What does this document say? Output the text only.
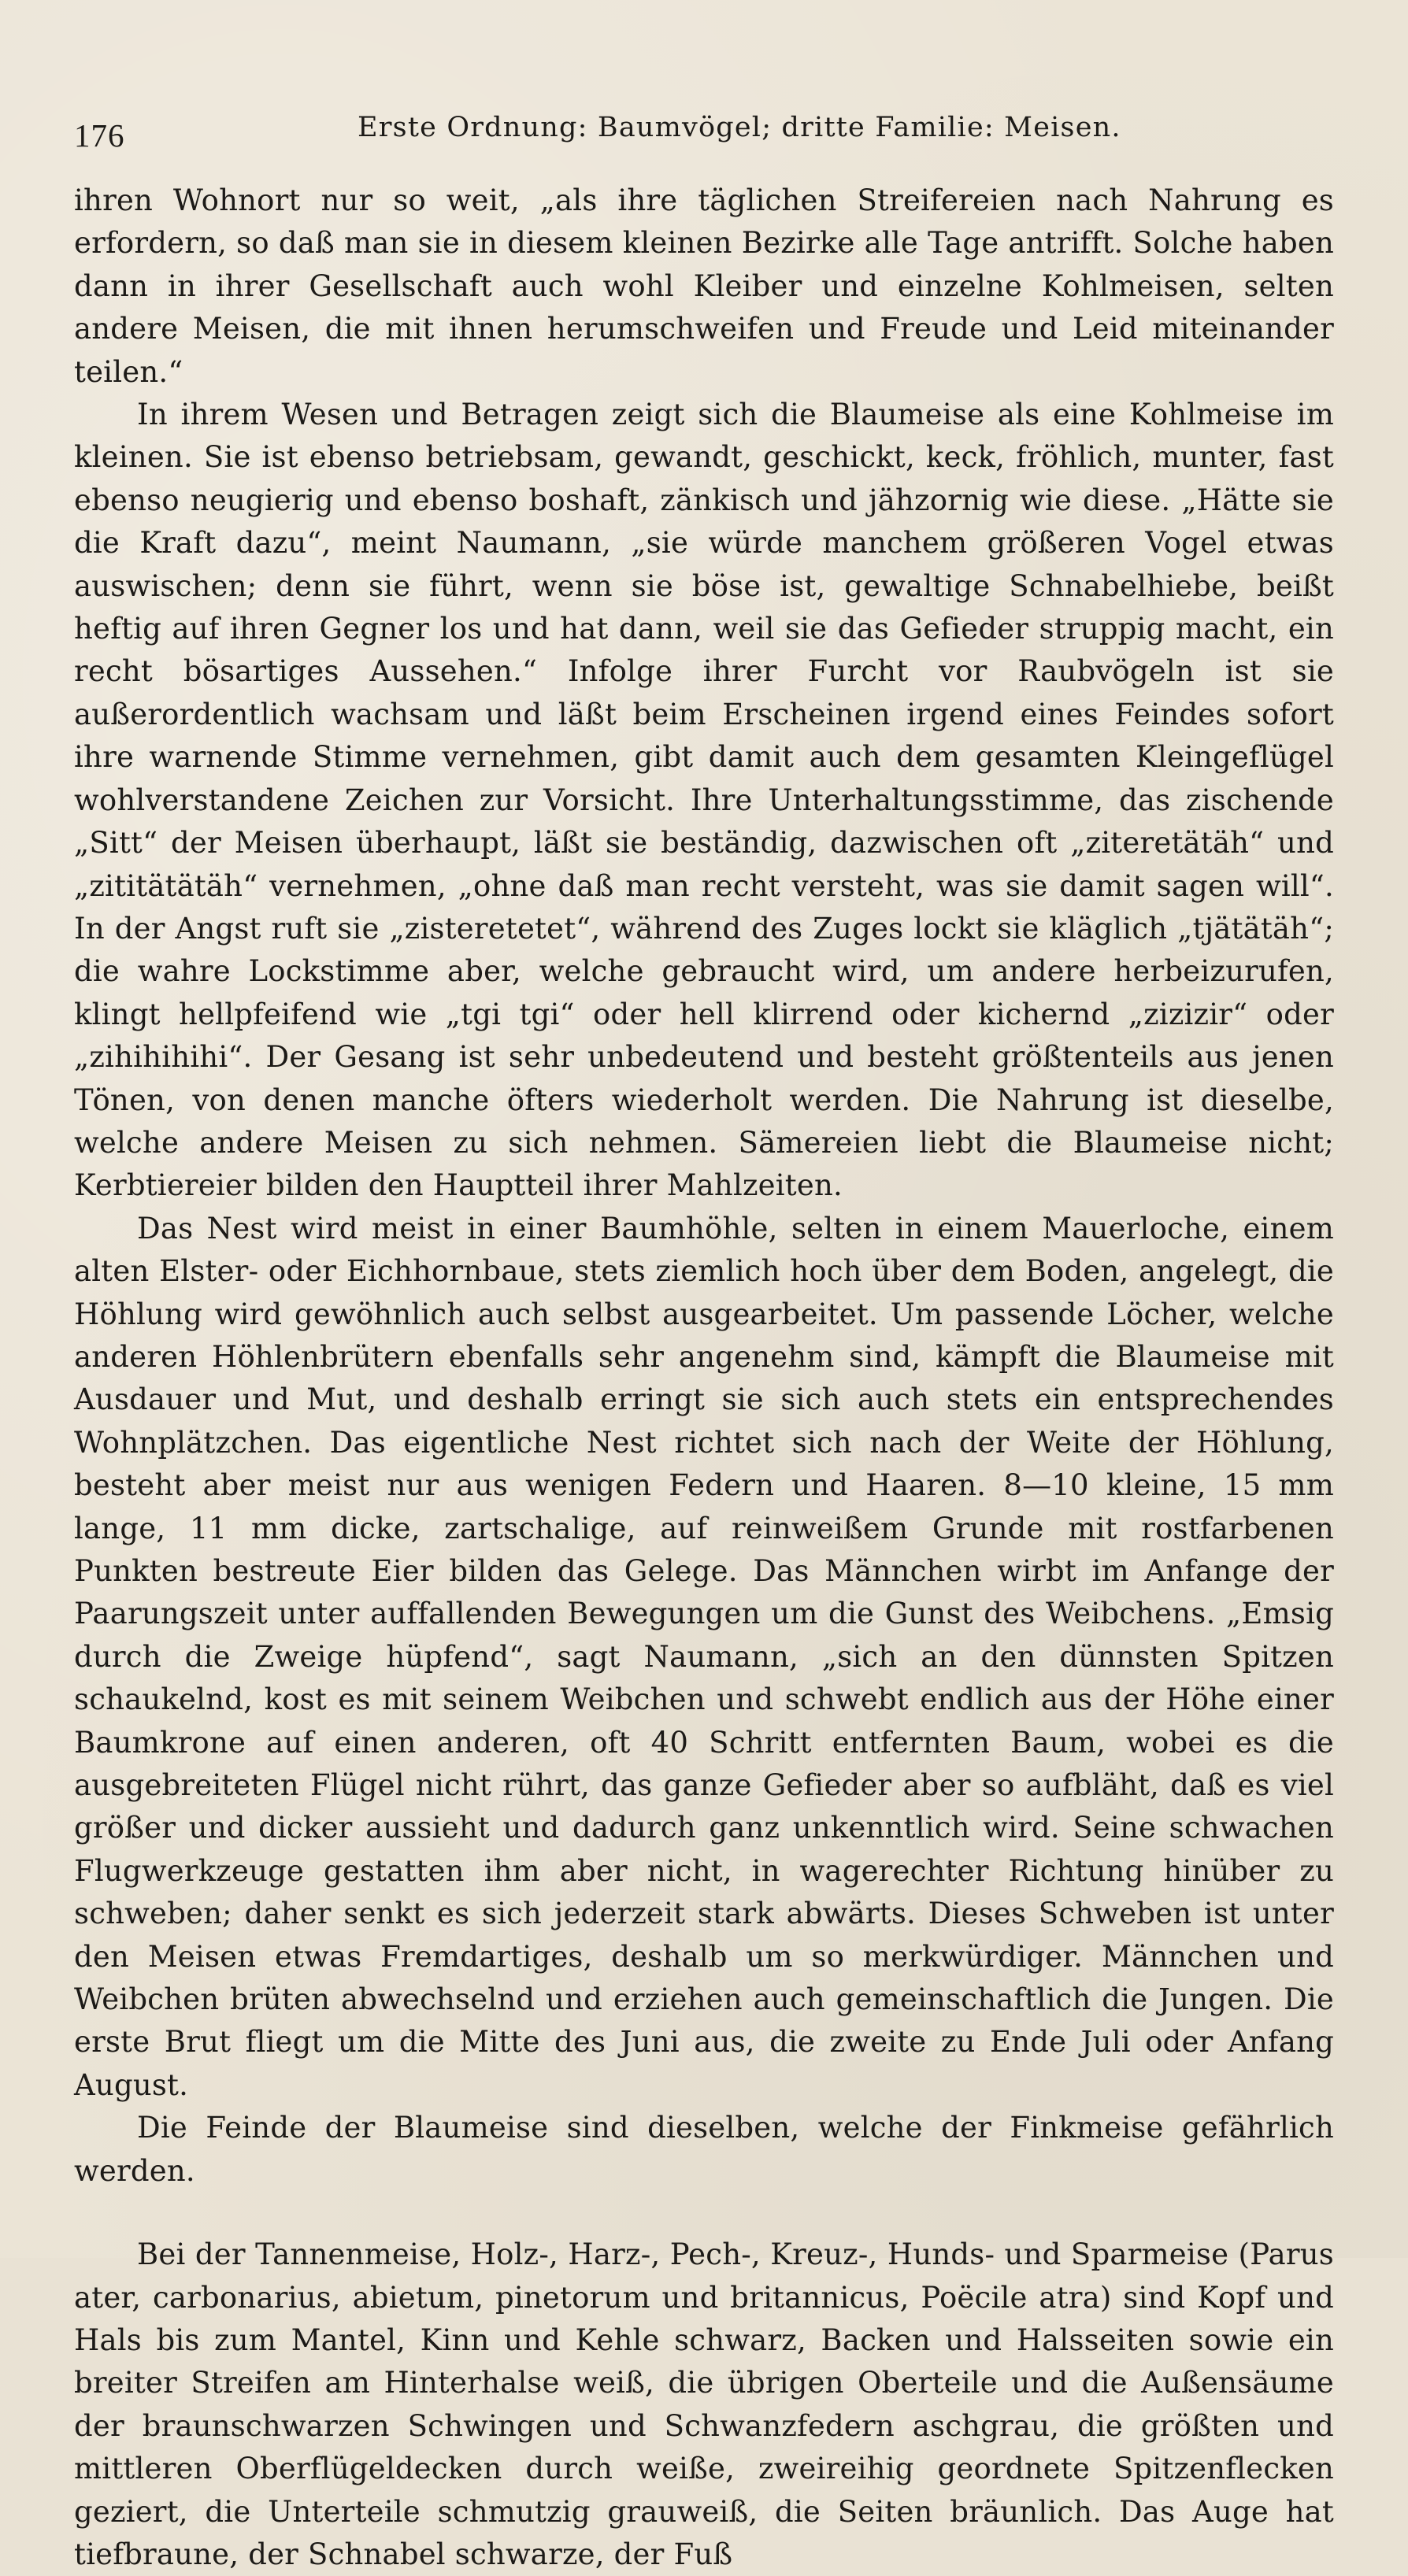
176	Erste Ordnung: Baumvögel; dritte Familie: Meisen.

ihren Wohnort nur so weit, „als ihre täglichen Streifereien nach Nahrung es erfordern, so daß man sie in diesem kleinen Bezirke alle Tage antrifft. Solche haben dann in ihrer Gesellschaft auch wohl Kleiber und einzelne Kohlmeisen, selten andere Meisen, die mit ihnen herumschweifen und Freude und Leid miteinander teilen.“

In ihrem Wesen und Betragen zeigt sich die Blaumeise als eine Kohlmeise im kleinen. Sie ist ebenso betriebsam, gewandt, geschickt, keck, fröhlich, munter, fast ebenso neugierig und ebenso boshaft, zänkisch und jähzornig wie diese. „Hätte sie die Kraft dazu“, meint Naumann, „sie würde manchem größeren Vogel etwas auswischen; denn sie führt, wenn sie böse ist, gewaltige Schnabelhiebe, beißt heftig auf ihren Gegner los und hat dann, weil sie das Gefieder struppig macht, ein recht bösartiges Aussehen.“ Infolge ihrer Furcht vor Raubvögeln ist sie außerordentlich wachsam und läßt beim Erscheinen irgend eines Feindes sofort ihre warnende Stimme vernehmen, gibt damit auch dem gesamten Kleingeflügel wohlverstandene Zeichen zur Vorsicht. Ihre Unterhaltungsstimme, das zischende „Sitt“ der Meisen überhaupt, läßt sie beständig, dazwischen oft „ziteretätäh“ und „zititätätäh“ vernehmen, „ohne daß man recht versteht, was sie damit sagen will“. In der Angst ruft sie „zisteretetet“, während des Zuges lockt sie kläglich „tjätätäh“; die wahre Lockstimme aber, welche gebraucht wird, um andere herbeizurufen, klingt hellpfeifend wie „tgi tgi“ oder hell klirrend oder kichernd „zizizir“ oder „zihihihihi“. Der Gesang ist sehr unbedeutend und besteht größtenteils aus jenen Tönen, von denen manche öfters wiederholt werden. Die Nahrung ist dieselbe, welche andere Meisen zu sich nehmen. Sämereien liebt die Blaumeise nicht; Kerbtiereier bilden den Hauptteil ihrer Mahlzeiten.

Das Nest wird meist in einer Baumhöhle, selten in einem Mauerloche, einem alten Elster- oder Eichhornbaue, stets ziemlich hoch über dem Boden, angelegt, die Höhlung wird gewöhnlich auch selbst ausgearbeitet. Um passende Löcher, welche anderen Höhlenbrütern ebenfalls sehr angenehm sind, kämpft die Blaumeise mit Ausdauer und Mut, und deshalb erringt sie sich auch stets ein entsprechendes Wohnplätzchen. Das eigentliche Nest richtet sich nach der Weite der Höhlung, besteht aber meist nur aus wenigen Federn und Haaren. 8—10 kleine, 15 mm lange, 11 mm dicke, zartschalige, auf reinweißem Grunde mit rostfarbenen Punkten bestreute Eier bilden das Gelege. Das Männchen wirbt im Anfange der Paarungszeit unter auffallenden Bewegungen um die Gunst des Weibchens. „Emsig durch die Zweige hüpfend“, sagt Naumann, „sich an den dünnsten Spitzen schaukelnd, kost es mit seinem Weibchen und schwebt endlich aus der Höhe einer Baumkrone auf einen anderen, oft 40 Schritt entfernten Baum, wobei es die ausgebreiteten Flügel nicht rührt, das ganze Gefieder aber so aufbläht, daß es viel größer und dicker aussieht und dadurch ganz unkenntlich wird. Seine schwachen Flugwerkzeuge gestatten ihm aber nicht, in wagerechter Richtung hinüber zu schweben; daher senkt es sich jederzeit stark abwärts. Dieses Schweben ist unter den Meisen etwas Fremdartiges, deshalb um so merkwürdiger. Männchen und Weibchen brüten abwechselnd und erziehen auch gemeinschaftlich die Jungen. Die erste Brut fliegt um die Mitte des Juni aus, die zweite zu Ende Juli oder Anfang August.

Die Feinde der Blaumeise sind dieselben, welche der Finkmeise gefährlich werden.

Bei der Tannenmeise, Holz-, Harz-, Pech-, Kreuz-, Hunds- und Sparmeise (Parus ater, carbonarius, abietum, pinetorum und britannicus, Poëcile atra) sind Kopf und Hals bis zum Mantel, Kinn und Kehle schwarz, Backen und Halsseiten sowie ein breiter Streifen am Hinterhalse weiß, die übrigen Oberteile und die Außensäume der braunschwarzen Schwingen und Schwanzfedern aschgrau, die größten und mittleren Oberflügeldecken durch weiße, zweireihig geordnete Spitzenflecken geziert, die Unterteile schmutzig grauweiß, die Seiten bräunlich. Das Auge hat tiefbraune, der Schnabel schwarze, der Fuß
